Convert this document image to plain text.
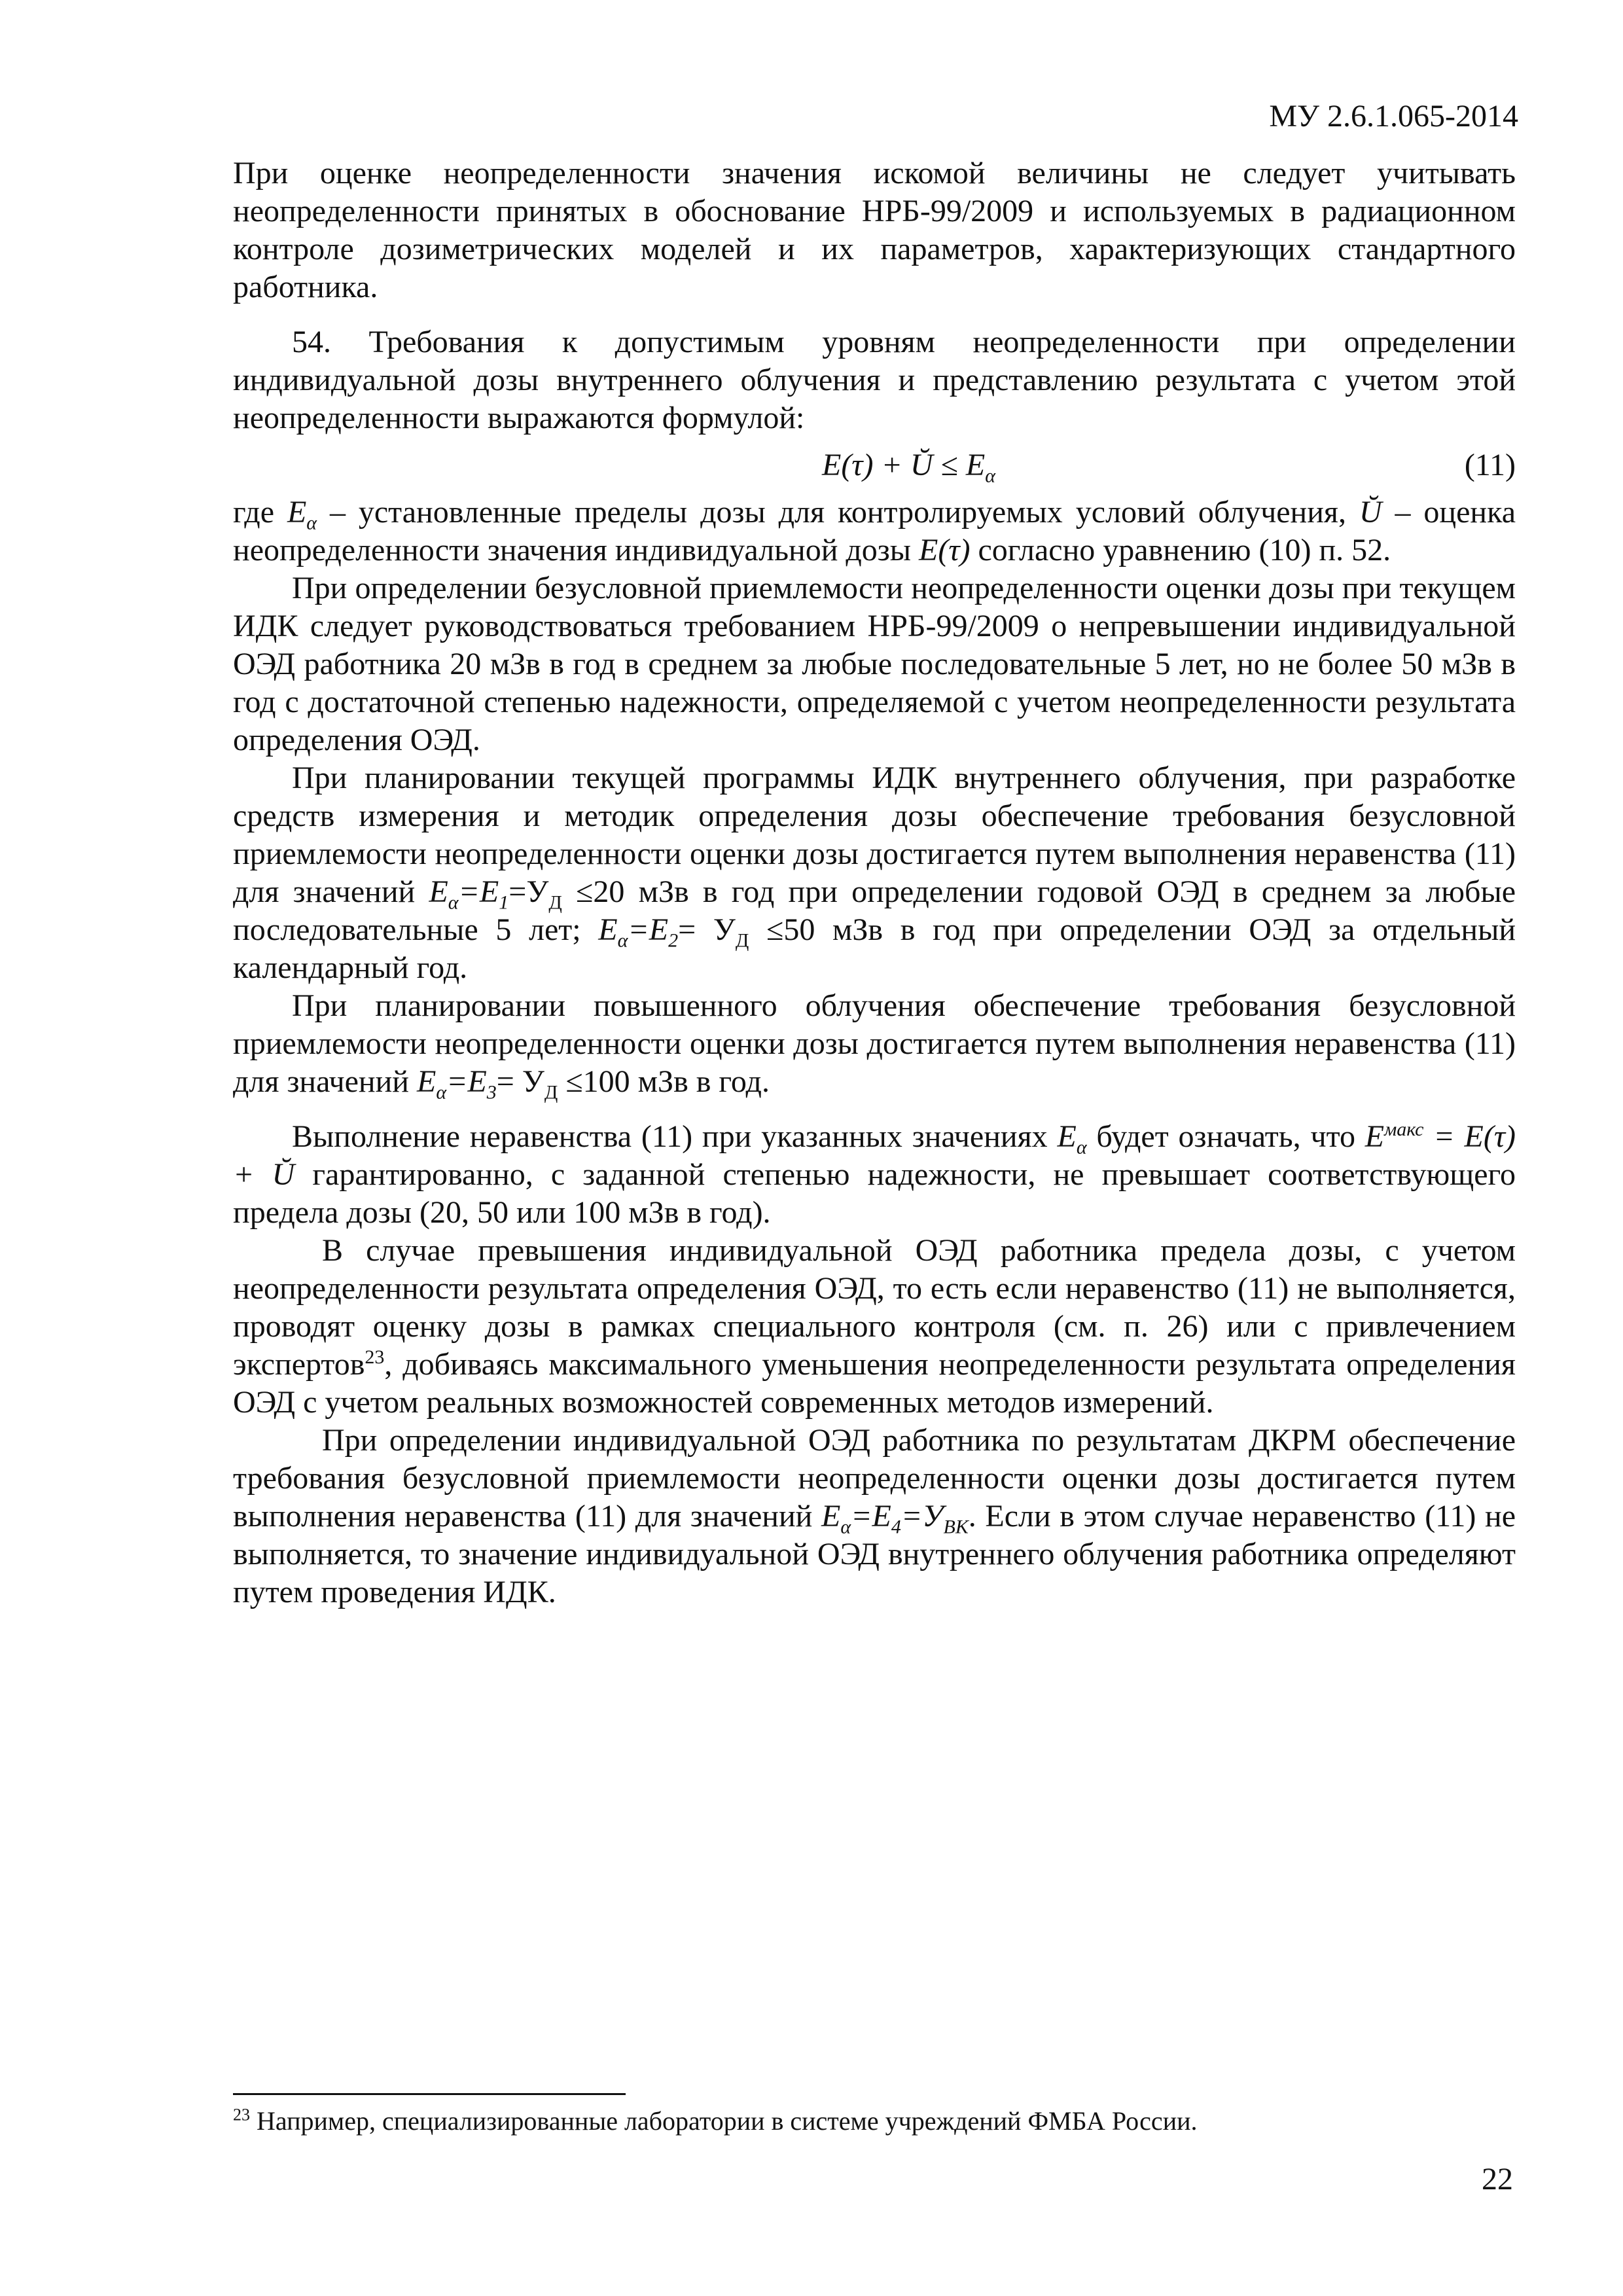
МУ 2.6.1.065-2014

При оценке неопределенности значения искомой величины не следует учитывать неопределенности принятых в обоснование НРБ-99/2009 и используемых в радиационном контроле дозиметрических моделей и их параметров, характеризующих стандартного работника.

54. Требования к допустимым уровням неопределенности при определении индивидуальной дозы внутреннего облучения и представлению результата с учетом этой неопределенности выражаются формулой:

E(τ) + Ŭ ≤ $E_\alpha$	(11)

где $E_\alpha$ – установленные пределы дозы для контролируемых условий облучения, Ŭ – оценка неопределенности значения индивидуальной дозы E(τ) согласно уравнению (10) п. 52.

При определении безусловной приемлемости неопределенности оценки дозы при текущем ИДК следует руководствоваться требованием НРБ-99/2009 о непревышении индивидуальной ОЭД работника 20 мЗв в год в среднем за любые последовательные 5 лет, но не более 50 мЗв в год с достаточной степенью надежности, определяемой с учетом неопределенности результата определения ОЭД.

При планировании текущей программы ИДК внутреннего облучения, при разработке средств измерения и методик определения дозы обеспечение требования безусловной приемлемости неопределенности оценки дозы достигается путем выполнения неравенства (11) для значений $E_\alpha=E_1=У_Д \le 20$ мЗв в год при определении годовой ОЭД в среднем за любые последовательные 5 лет; $E_\alpha=E_2= У_Д \le 50$ мЗв в год при определении ОЭД за отдельный календарный год.

При планировании повышенного облучения обеспечение требования безусловной приемлемости неопределенности оценки дозы достигается путем выполнения неравенства (11) для значений $E_\alpha=E_3= У_Д \le 100$ мЗв в год.

Выполнение неравенства (11) при указанных значениях $E_\alpha$ будет означать, что $E^{макс} = E(\tau)$ + Ŭ гарантированно, с заданной степенью надежности, не превышает соответствующего предела дозы (20, 50 или 100 мЗв в год).

В случае превышения индивидуальной ОЭД работника предела дозы, с учетом неопределенности результата определения ОЭД, то есть если неравенство (11) не выполняется, проводят оценку дозы в рамках специального контроля (см. п. 26) или с привлечением экспертов$^{23}$, добиваясь максимального уменьшения неопределенности результата определения ОЭД с учетом реальных возможностей современных методов измерений.

При определении индивидуальной ОЭД работника по результатам ДКРМ обеспечение требования безусловной приемлемости неопределенности оценки дозы достигается путем выполнения неравенства (11) для значений $E_\alpha=E_4=У_{ВК}$. Если в этом случае неравенство (11) не выполняется, то значение индивидуальной ОЭД внутреннего облучения работника определяют путем проведения ИДК.

$^{23}$ Например, специализированные лаборатории в системе учреждений ФМБА России.
22
